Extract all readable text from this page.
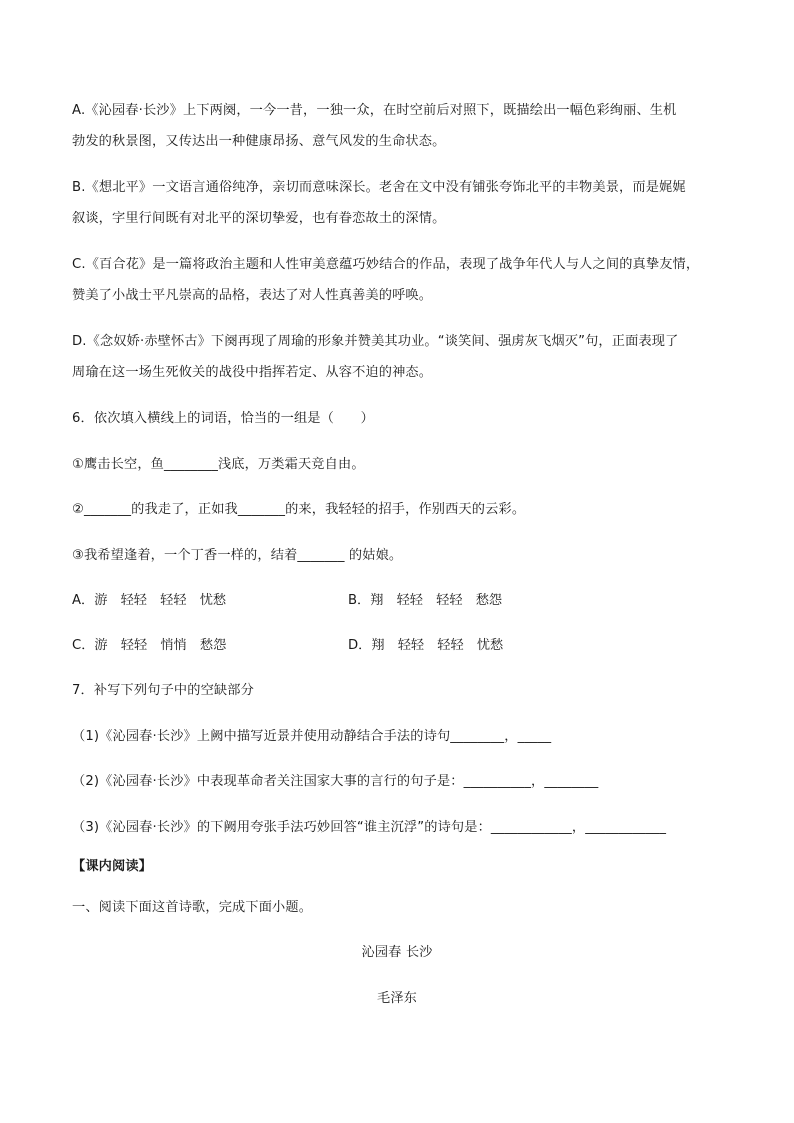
A.《沁园春·长沙》上下两阕，一今一昔，一独一众，在时空前后对照下，既描绘出一幅色彩绚丽、生机
勃发的秋景图，又传达出一种健康昂扬、意气风发的生命状态。
B.《想北平》一文语言通俗纯净，亲切而意味深长。老舍在文中没有铺张夸饰北平的丰物美景，而是娓娓
叙谈，字里行间既有对北平的深切挚爱，也有眷恋故土的深情。
C.《百合花》是一篇将政治主题和人性审美意蕴巧妙结合的作品，表现了战争年代人与人之间的真挚友情，
赞美了小战士平凡崇高的品格，表达了对人性真善美的呼唤。
D.《念奴娇·赤壁怀古》下阕再现了周瑜的形象并赞美其功业。“谈笑间、强虏灰飞烟灭”句，正面表现了
周瑜在这一场生死攸关的战役中指挥若定、从容不迫的神态。
6．依次填入横线上的词语，恰当的一组是（　　）
①鹰击长空，鱼________浅底，万类霜天竞自由。
②_______的我走了，正如我_______的来，我轻轻的招手，作别西天的云彩。
③我希望逢着，一个丁香一样的，结着_______ 的姑娘。
A．游　轻轻　轻轻　忧愁	B．翔　轻轻　轻轻　愁怨
C．游　轻轻　悄悄　愁怨	D．翔　轻轻　轻轻　忧愁
7．补写下列句子中的空缺部分
（1)《沁园春·长沙》上阙中描写近景并使用动静结合手法的诗句________，_____
（2)《沁园春·长沙》中表现革命者关注国家大事的言行的句子是：__________，________
（3)《沁园春·长沙》的下阙用夸张手法巧妙回答“谁主沉浮”的诗句是：____________，____________
【课内阅读】
一、阅读下面这首诗歌，完成下面小题。
沁园春 长沙
毛泽东
